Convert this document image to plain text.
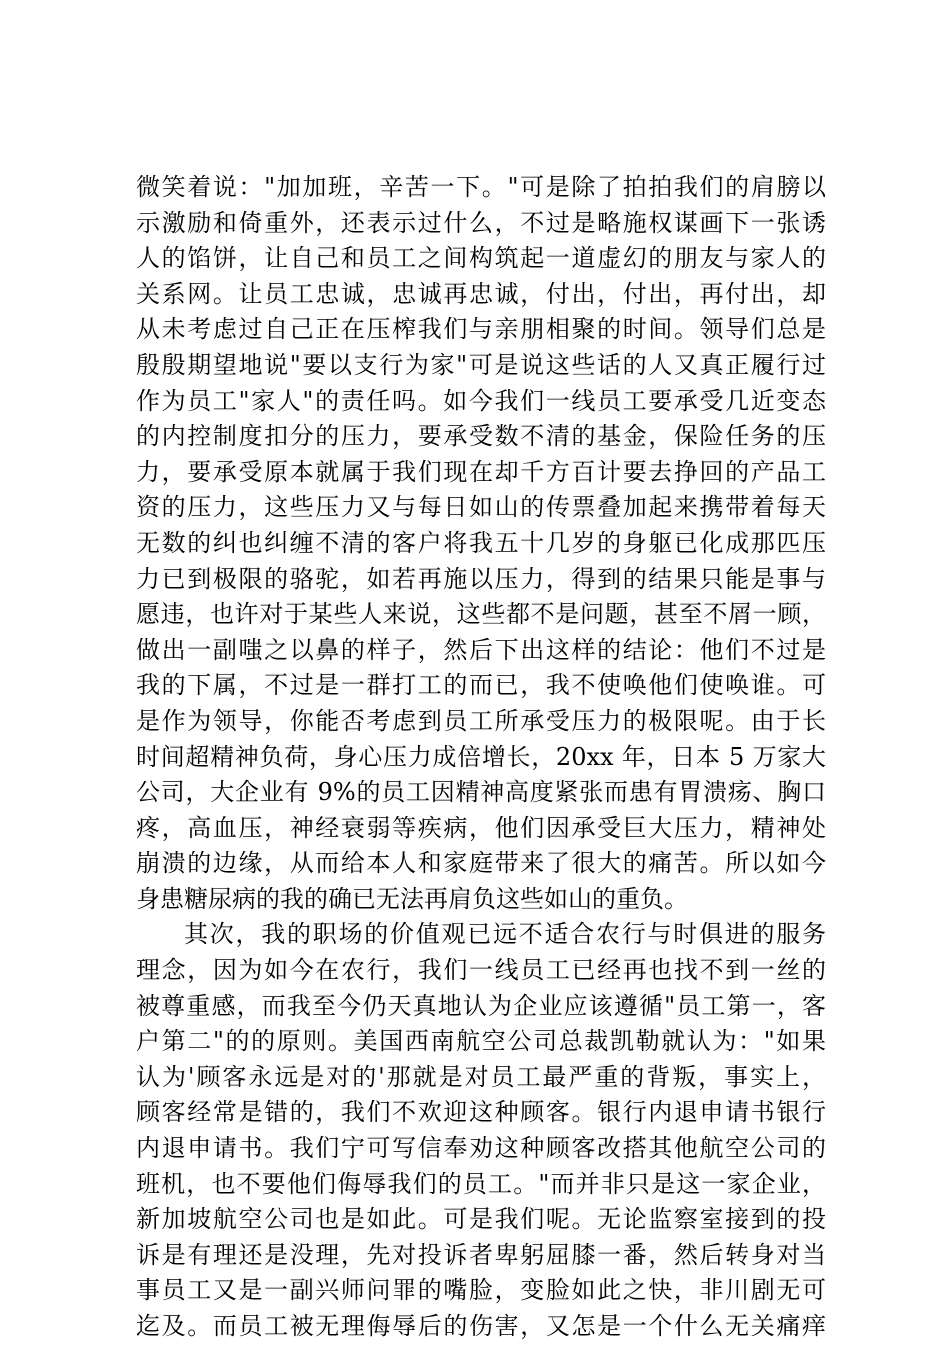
微笑着说："加加班，辛苦一下。"可是除了拍拍我们的肩膀以
示激励和倚重外，还表示过什么，不过是略施权谋画下一张诱
人的馅饼，让自己和员工之间构筑起一道虚幻的朋友与家人的
关系网。让员工忠诚，忠诚再忠诚，付出，付出，再付出，却
从未考虑过自己正在压榨我们与亲朋相聚的时间。领导们总是
殷殷期望地说"要以支行为家"可是说这些话的人又真正履行过
作为员工"家人"的责任吗。如今我们一线员工要承受几近变态
的内控制度扣分的压力，要承受数不清的基金，保险任务的压
力，要承受原本就属于我们现在却千方百计要去挣回的产品工
资的压力，这些压力又与每日如山的传票叠加起来携带着每天
无数的纠也纠缠不清的客户将我五十几岁的身躯已化成那匹压
力已到极限的骆驼，如若再施以压力，得到的结果只能是事与
愿违，也许对于某些人来说，这些都不是问题，甚至不屑一顾，
做出一副嗤之以鼻的样子，然后下出这样的结论：他们不过是
我的下属，不过是一群打工的而已，我不使唤他们使唤谁。可
是作为领导，你能否考虑到员工所承受压力的极限呢。由于长
时间超精神负荷，身心压力成倍增长，20xx 年，日本 5 万家大
公司，大企业有 9%的员工因精神高度紧张而患有胃溃疡、胸口
疼，高血压，神经衰弱等疾病，他们因承受巨大压力，精神处
崩溃的边缘，从而给本人和家庭带来了很大的痛苦。所以如今
身患糖尿病的我的确已无法再肩负这些如山的重负。
其次，我的职场的价值观已远不适合农行与时俱进的服务
理念，因为如今在农行，我们一线员工已经再也找不到一丝的
被尊重感，而我至今仍天真地认为企业应该遵循"员工第一，客
户第二"的的原则。美国西南航空公司总裁凯勒就认为："如果
认为'顾客永远是对的'那就是对员工最严重的背叛，事实上，
顾客经常是错的，我们不欢迎这种顾客。银行内退申请书银行
内退申请书。我们宁可写信奉劝这种顾客改搭其他航空公司的
班机，也不要他们侮辱我们的员工。"而并非只是这一家企业，
新加坡航空公司也是如此。可是我们呢。无论监察室接到的投
诉是有理还是没理，先对投诉者卑躬屈膝一番，然后转身对当
事员工又是一副兴师问罪的嘴脸，变脸如此之快，非川剧无可
迄及。而员工被无理侮辱后的伤害，又怎是一个什么无关痛痒
